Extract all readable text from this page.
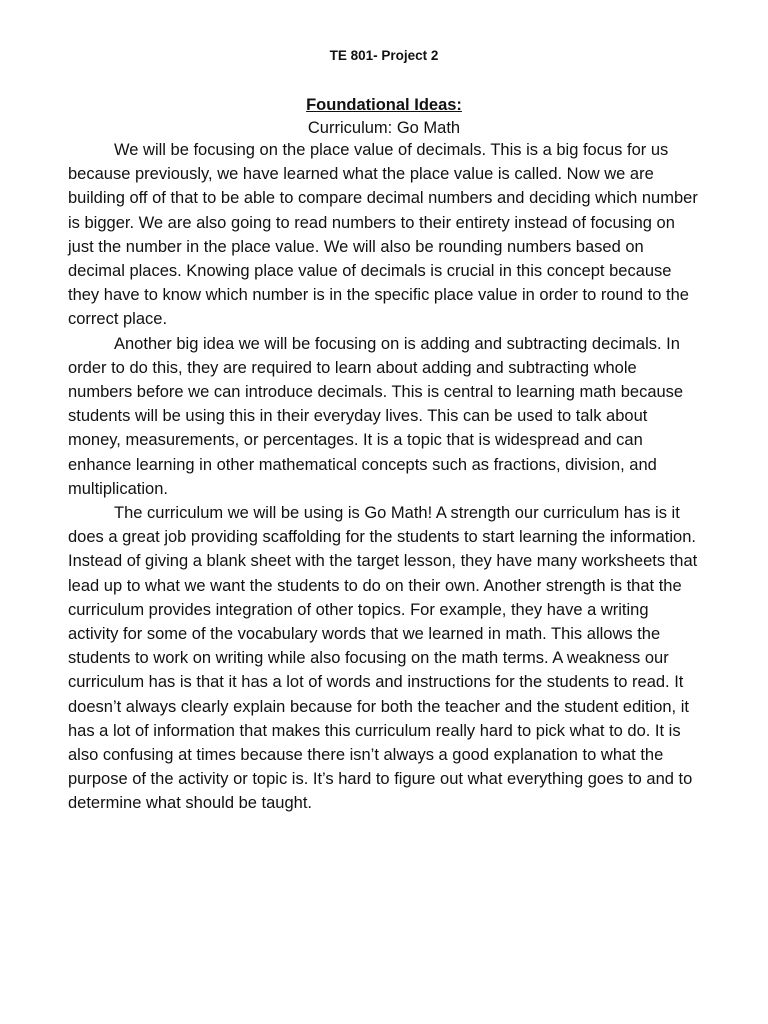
TE 801- Project 2
Foundational Ideas:
Curriculum: Go Math

We will be focusing on the place value of decimals. This is a big focus for us because previously, we have learned what the place value is called. Now we are building off of that to be able to compare decimal numbers and deciding which number is bigger. We are also going to read numbers to their entirety instead of focusing on just the number in the place value. We will also be rounding numbers based on decimal places. Knowing place value of decimals is crucial in this concept because they have to know which number is in the specific place value in order to round to the correct place.

Another big idea we will be focusing on is adding and subtracting decimals. In order to do this, they are required to learn about adding and subtracting whole numbers before we can introduce decimals. This is central to learning math because students will be using this in their everyday lives. This can be used to talk about money, measurements, or percentages. It is a topic that is widespread and can enhance learning in other mathematical concepts such as fractions, division, and multiplication.

The curriculum we will be using is Go Math! A strength our curriculum has is it does a great job providing scaffolding for the students to start learning the information. Instead of giving a blank sheet with the target lesson, they have many worksheets that lead up to what we want the students to do on their own. Another strength is that the curriculum provides integration of other topics. For example, they have a writing activity for some of the vocabulary words that we learned in math. This allows the students to work on writing while also focusing on the math terms. A weakness our curriculum has is that it has a lot of words and instructions for the students to read. It doesn’t always clearly explain because for both the teacher and the student edition, it has a lot of information that makes this curriculum really hard to pick what to do. It is also confusing at times because there isn’t always a good explanation to what the purpose of the activity or topic is. It’s hard to figure out what everything goes to and to determine what should be taught.
